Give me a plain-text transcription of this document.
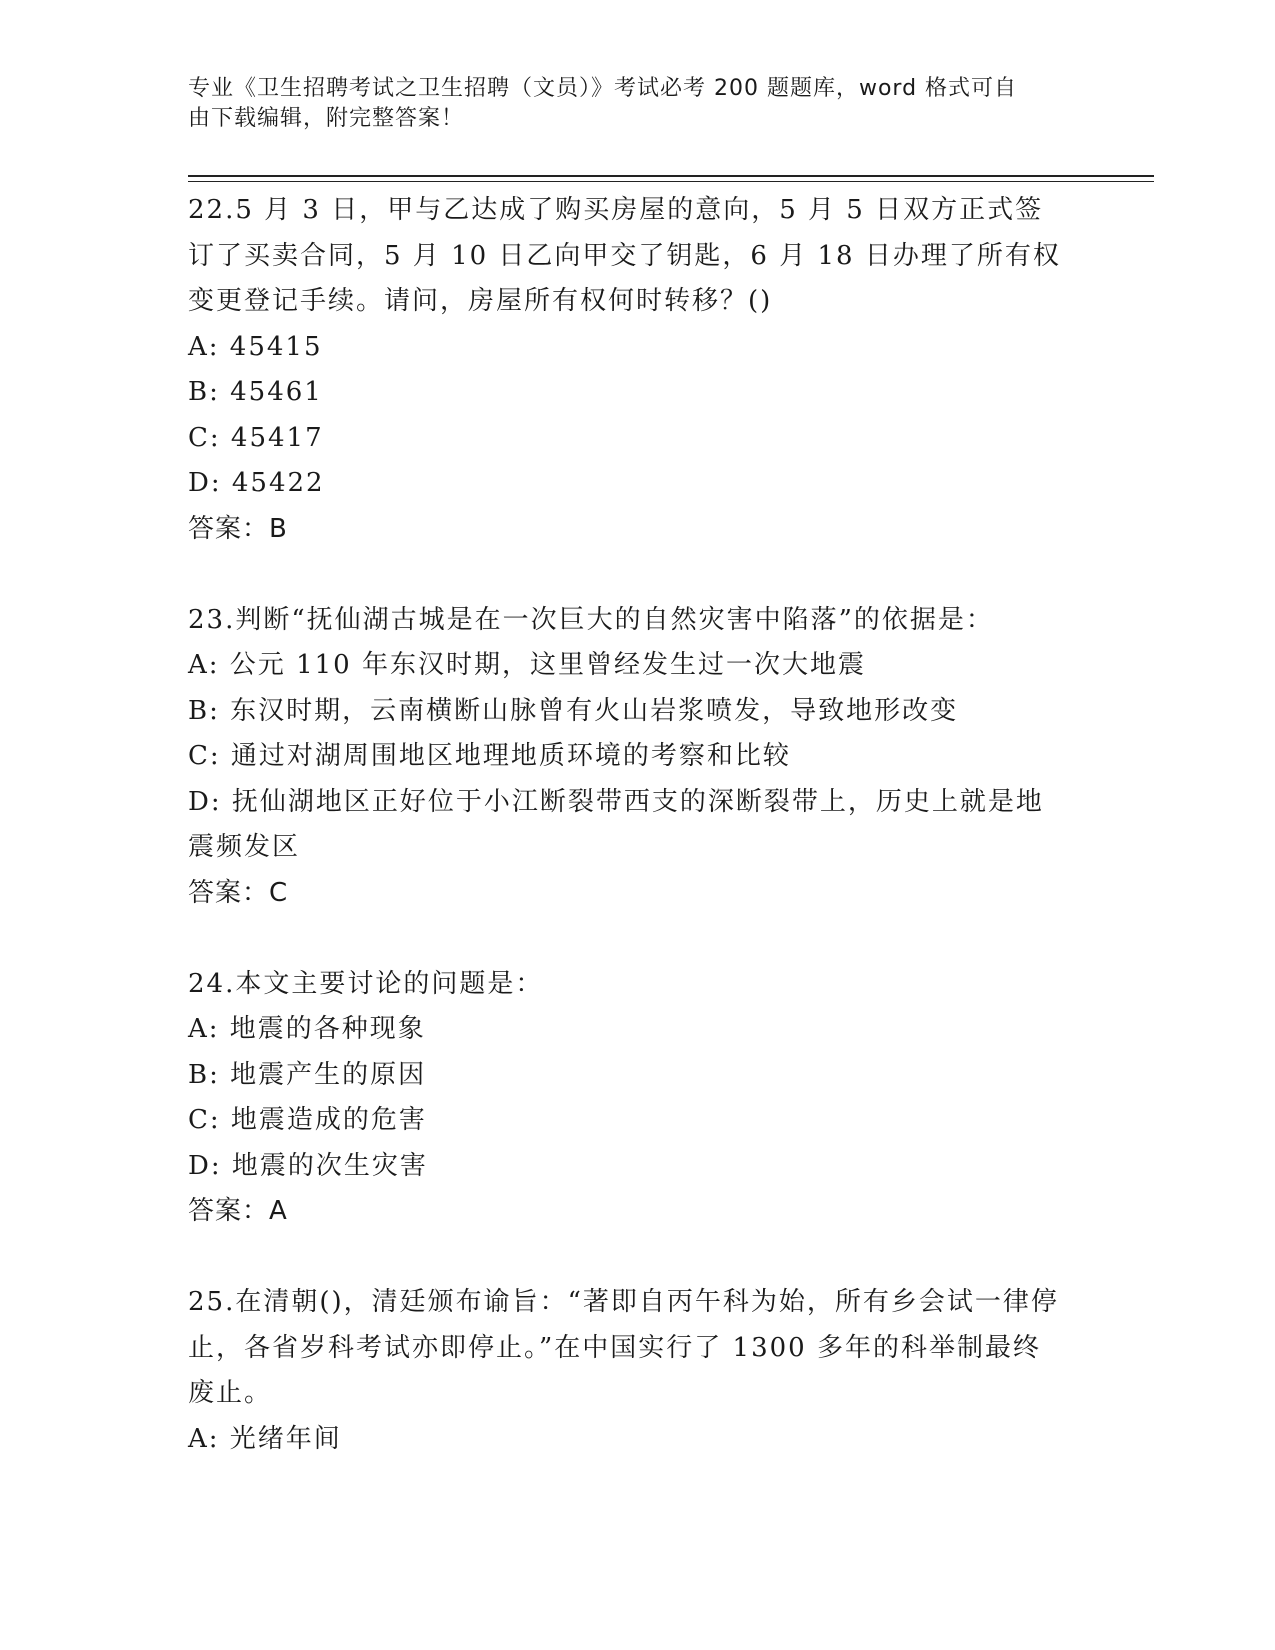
专业《卫生招聘考试之卫生招聘（文员）》考试必考 200 题题库，word 格式可自
由下载编辑，附完整答案！
22.5 月 3 日，甲与乙达成了购买房屋的意向，5 月 5 日双方正式签订了买卖合同，5 月 10 日乙向甲交了钥匙，6 月 18 日办理了所有权变更登记手续。请问，房屋所有权何时转移？()
A: 45415
B: 45461
C: 45417
D: 45422
答案：B
23.判断“抚仙湖古城是在一次巨大的自然灾害中陷落”的依据是：
A: 公元 110 年东汉时期，这里曾经发生过一次大地震
B: 东汉时期，云南横断山脉曾有火山岩浆喷发，导致地形改变
C: 通过对湖周围地区地理地质环境的考察和比较
D: 抚仙湖地区正好位于小江断裂带西支的深断裂带上，历史上就是地震频发区
答案：C
24.本文主要讨论的问题是：
A: 地震的各种现象
B: 地震产生的原因
C: 地震造成的危害
D: 地震的次生灾害
答案：A
25.在清朝()，清廷颁布谕旨：“著即自丙午科为始，所有乡会试一律停止，各省岁科考试亦即停止。”在中国实行了 1300 多年的科举制最终废止。
A: 光绪年间
